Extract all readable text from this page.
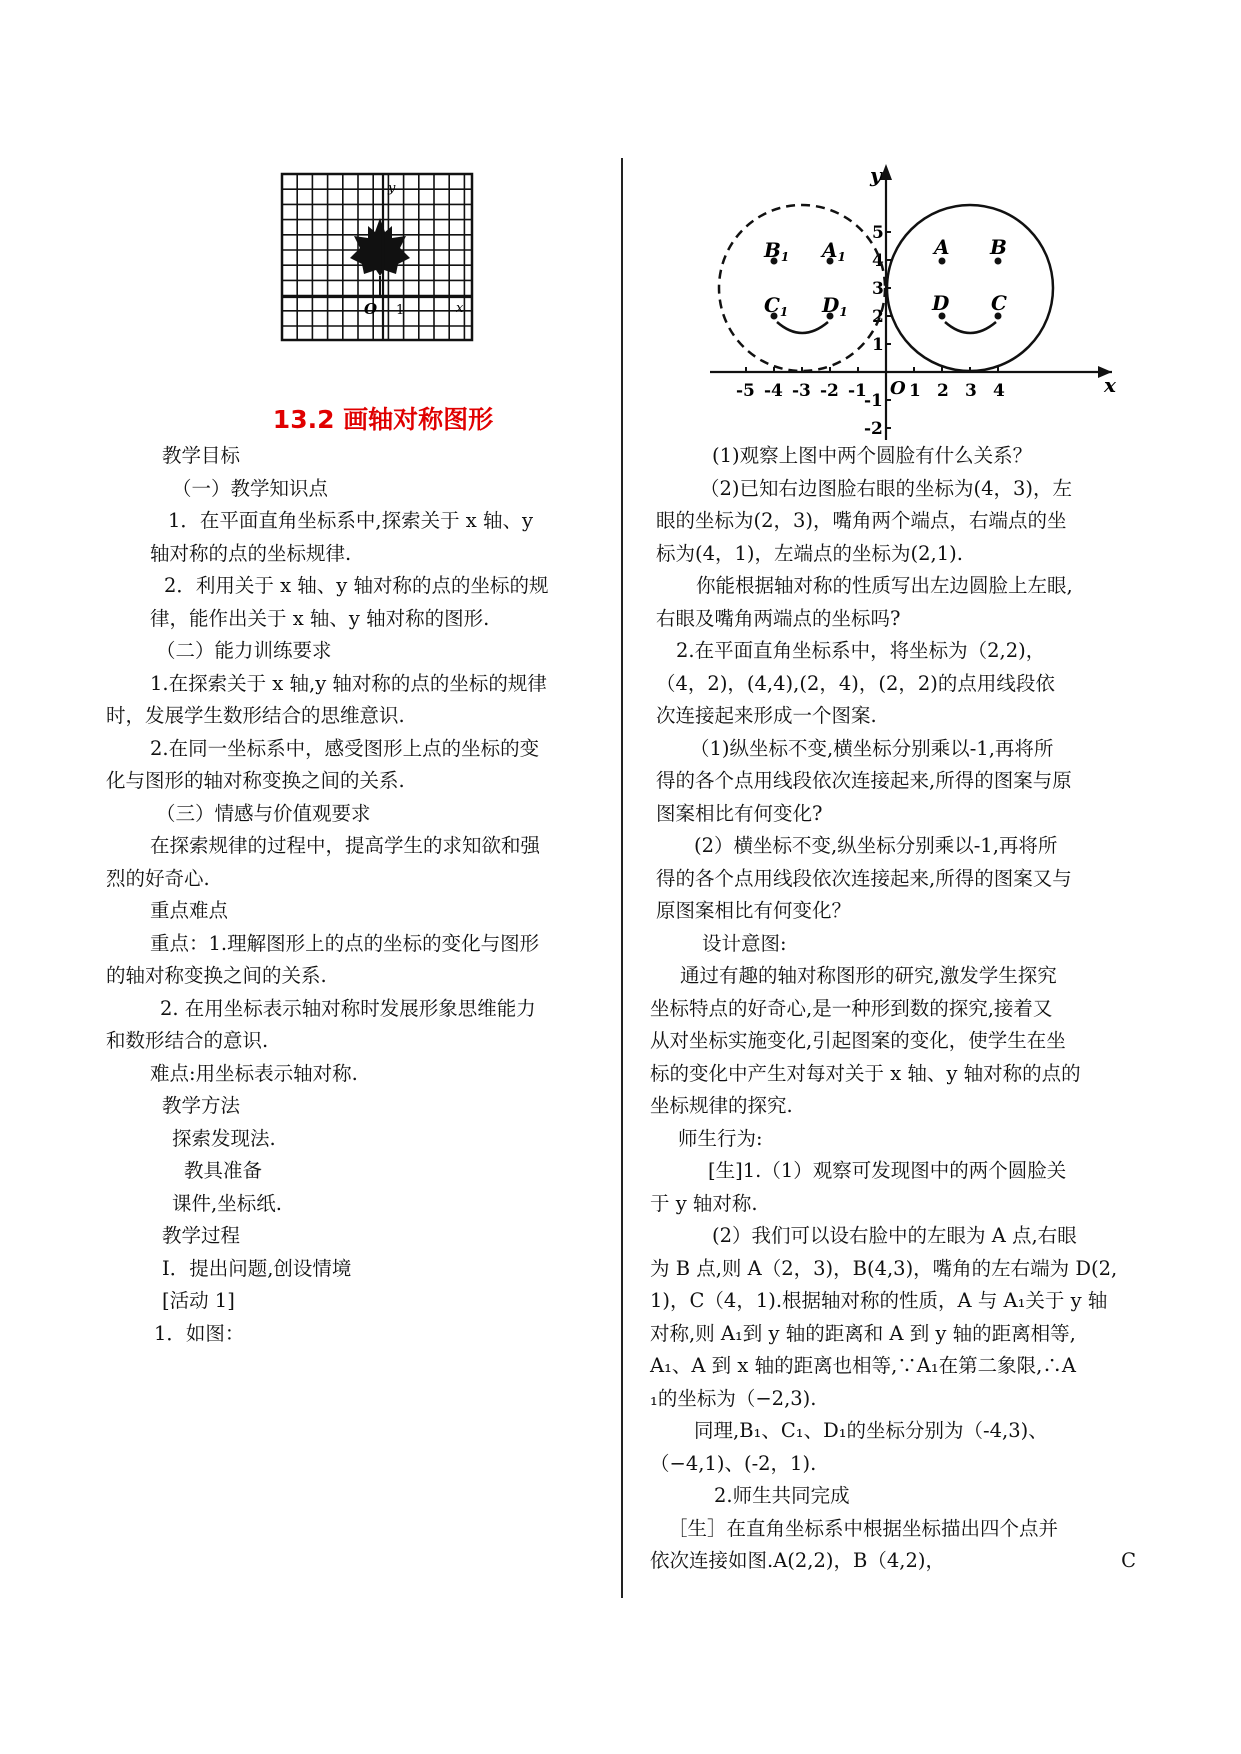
O 1	x
y
13.2 画轴对称图形
-5 -4 -3 -2 -1 1 2 3 4
5
4
3
2
1
-1
-2
x
y
O
A B
D C
$B_1$ $A_1$
$C_1$ $D_1$

教学目标

（一）教学知识点

1．在平面直角坐标系中,探索关于 x 轴、y

轴对称的点的坐标规律.

2．利用关于 x 轴、y 轴对称的点的坐标的规

律，能作出关于 x 轴、y 轴对称的图形.

（二）能力训练要求

1.在探索关于 x 轴,y 轴对称的点的坐标的规律

时，发展学生数形结合的思维意识.

2.在同一坐标系中，感受图形上点的坐标的变

化与图形的轴对称变换之间的关系.

（三）情感与价值观要求

在探索规律的过程中，提高学生的求知欲和强

烈的好奇心.

重点难点

重点：1.理解图形上的点的坐标的变化与图形

的轴对称变换之间的关系.

2. 在用坐标表示轴对称时发展形象思维能力

和数形结合的意识.

难点:用坐标表示轴对称.

教学方法

探索发现法.

教具准备

课件,坐标纸.

教学过程

Ⅰ．提出问题,创设情境

[活动 1]

1．如图：

(1)观察上图中两个圆脸有什么关系？

（2)已知右边图脸右眼的坐标为(4，3)，左

眼的坐标为(2，3)，嘴角两个端点，右端点的坐

标为(4，1)，左端点的坐标为(2,1).

你能根据轴对称的性质写出左边圆脸上左眼,

右眼及嘴角两端点的坐标吗?

2.在平面直角坐标系中，将坐标为（2,2)，

（4，2)，(4,4),(2，4)，(2，2)的点用线段依

次连接起来形成一个图案.

（1)纵坐标不变,横坐标分别乘以-1,再将所

得的各个点用线段依次连接起来,所得的图案与原

图案相比有何变化?

(2）横坐标不变,纵坐标分别乘以-1,再将所

得的各个点用线段依次连接起来,所得的图案又与

原图案相比有何变化？

设计意图:

通过有趣的轴对称图形的研究,激发学生探究

坐标特点的好奇心,是一种形到数的探究,接着又

从对坐标实施变化,引起图案的变化，使学生在坐

标的变化中产生对每对关于 x 轴、y 轴对称的点的

坐标规律的探究.

师生行为:

[生]1.（1）观察可发现图中的两个圆脸关

于 y 轴对称.

(2）我们可以设右脸中的左眼为 A 点,右眼

为 B 点,则 A（2，3)，B(4,3)，嘴角的左右端为 D(2,

1)，C（4，1).根据轴对称的性质，A 与 A₁关于 y 轴

对称,则 A₁到 y 轴的距离和 A 到 y 轴的距离相等,

A₁、A 到 x 轴的距离也相等,∵A₁在第二象限,∴A

₁的坐标为（−2,3).

同理,B₁、C₁、D₁的坐标分别为（-4,3)、

（−4,1)、(-2，1).

2.师生共同完成

［生］在直角坐标系中根据坐标描出四个点并

依次连接如图.A(2,2)，B（4,2)，	C
